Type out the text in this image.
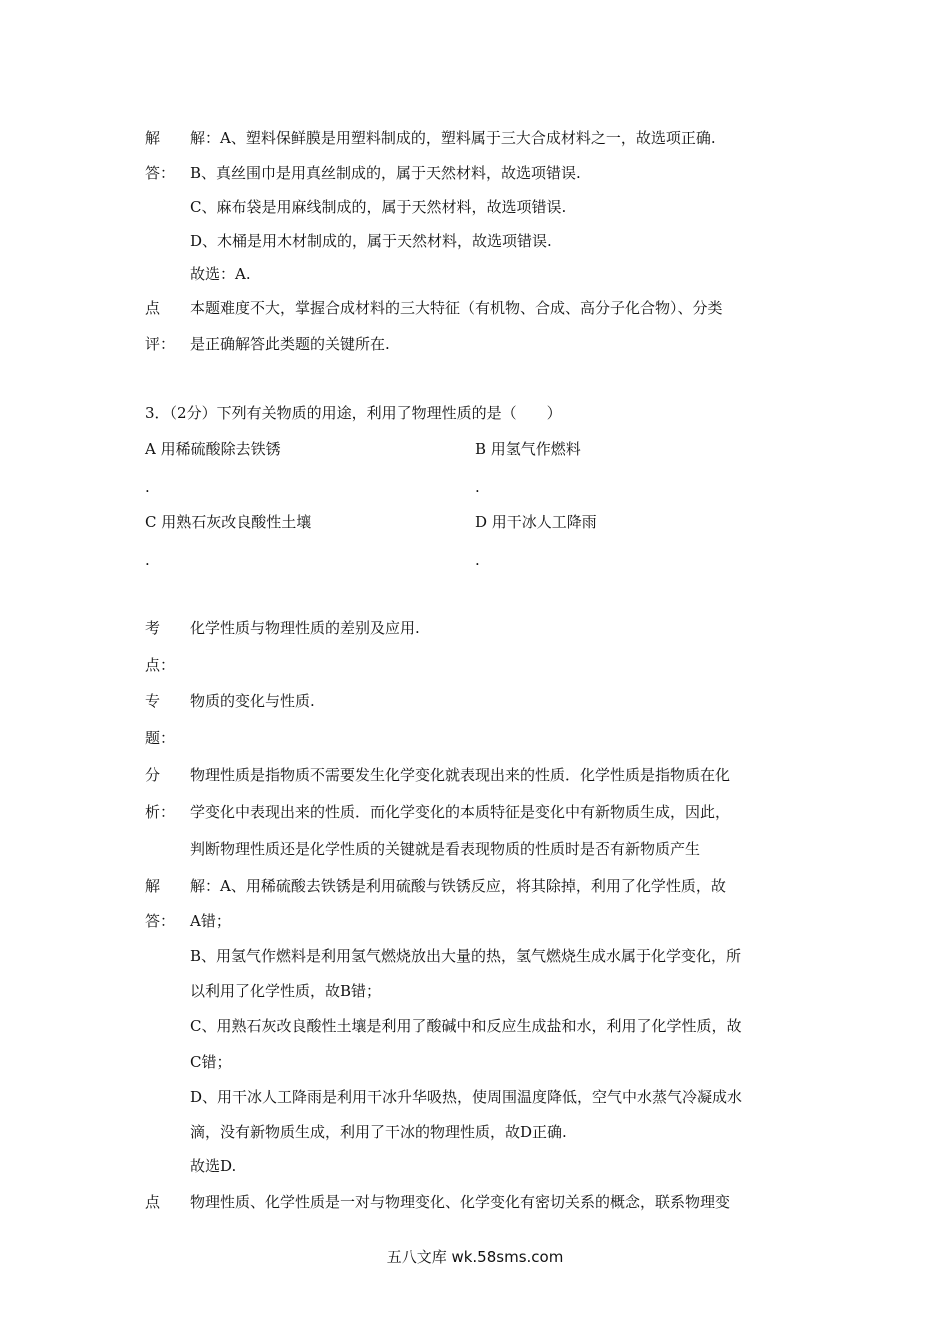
解 解：A、塑料保鲜膜是用塑料制成的，塑料属于三大合成材料之一，故选项正确.
答： B、真丝围巾是用真丝制成的，属于天然材料，故选项错误.
C、麻布袋是用麻线制成的，属于天然材料，故选项错误.
D、木桶是用木材制成的，属于天然材料，故选项错误.
故选：A.
点 本题难度不大，掌握合成材料的三大特征（有机物、合成、高分子化合物）、分类
评： 是正确解答此类题的关键所在.
3．（2分）下列有关物质的用途，利用了物理性质的是（　　）
A 用稀硫酸除去铁锈	B 用氢气作燃料
.	.
C 用熟石灰改良酸性土壤	D 用干冰人工降雨
.	.
考 化学性质与物理性质的差别及应用.
点：
专 物质的变化与性质.
题：
分 物理性质是指物质不需要发生化学变化就表现出来的性质．化学性质是指物质在化
析： 学变化中表现出来的性质．而化学变化的本质特征是变化中有新物质生成，因此，
判断物理性质还是化学性质的关键就是看表现物质的性质时是否有新物质产生
解 解：A、用稀硫酸去铁锈是利用硫酸与铁锈反应，将其除掉，利用了化学性质，故
答： A错；
B、用氢气作燃料是利用氢气燃烧放出大量的热，氢气燃烧生成水属于化学变化，所
以利用了化学性质，故B错；
C、用熟石灰改良酸性土壤是利用了酸碱中和反应生成盐和水，利用了化学性质，故
C错；
D、用干冰人工降雨是利用干冰升华吸热，使周围温度降低，空气中水蒸气冷凝成水
滴，没有新物质生成，利用了干冰的物理性质，故D正确.
故选D.
点 物理性质、化学性质是一对与物理变化、化学变化有密切关系的概念，联系物理变
五八文库 wk.58sms.com
